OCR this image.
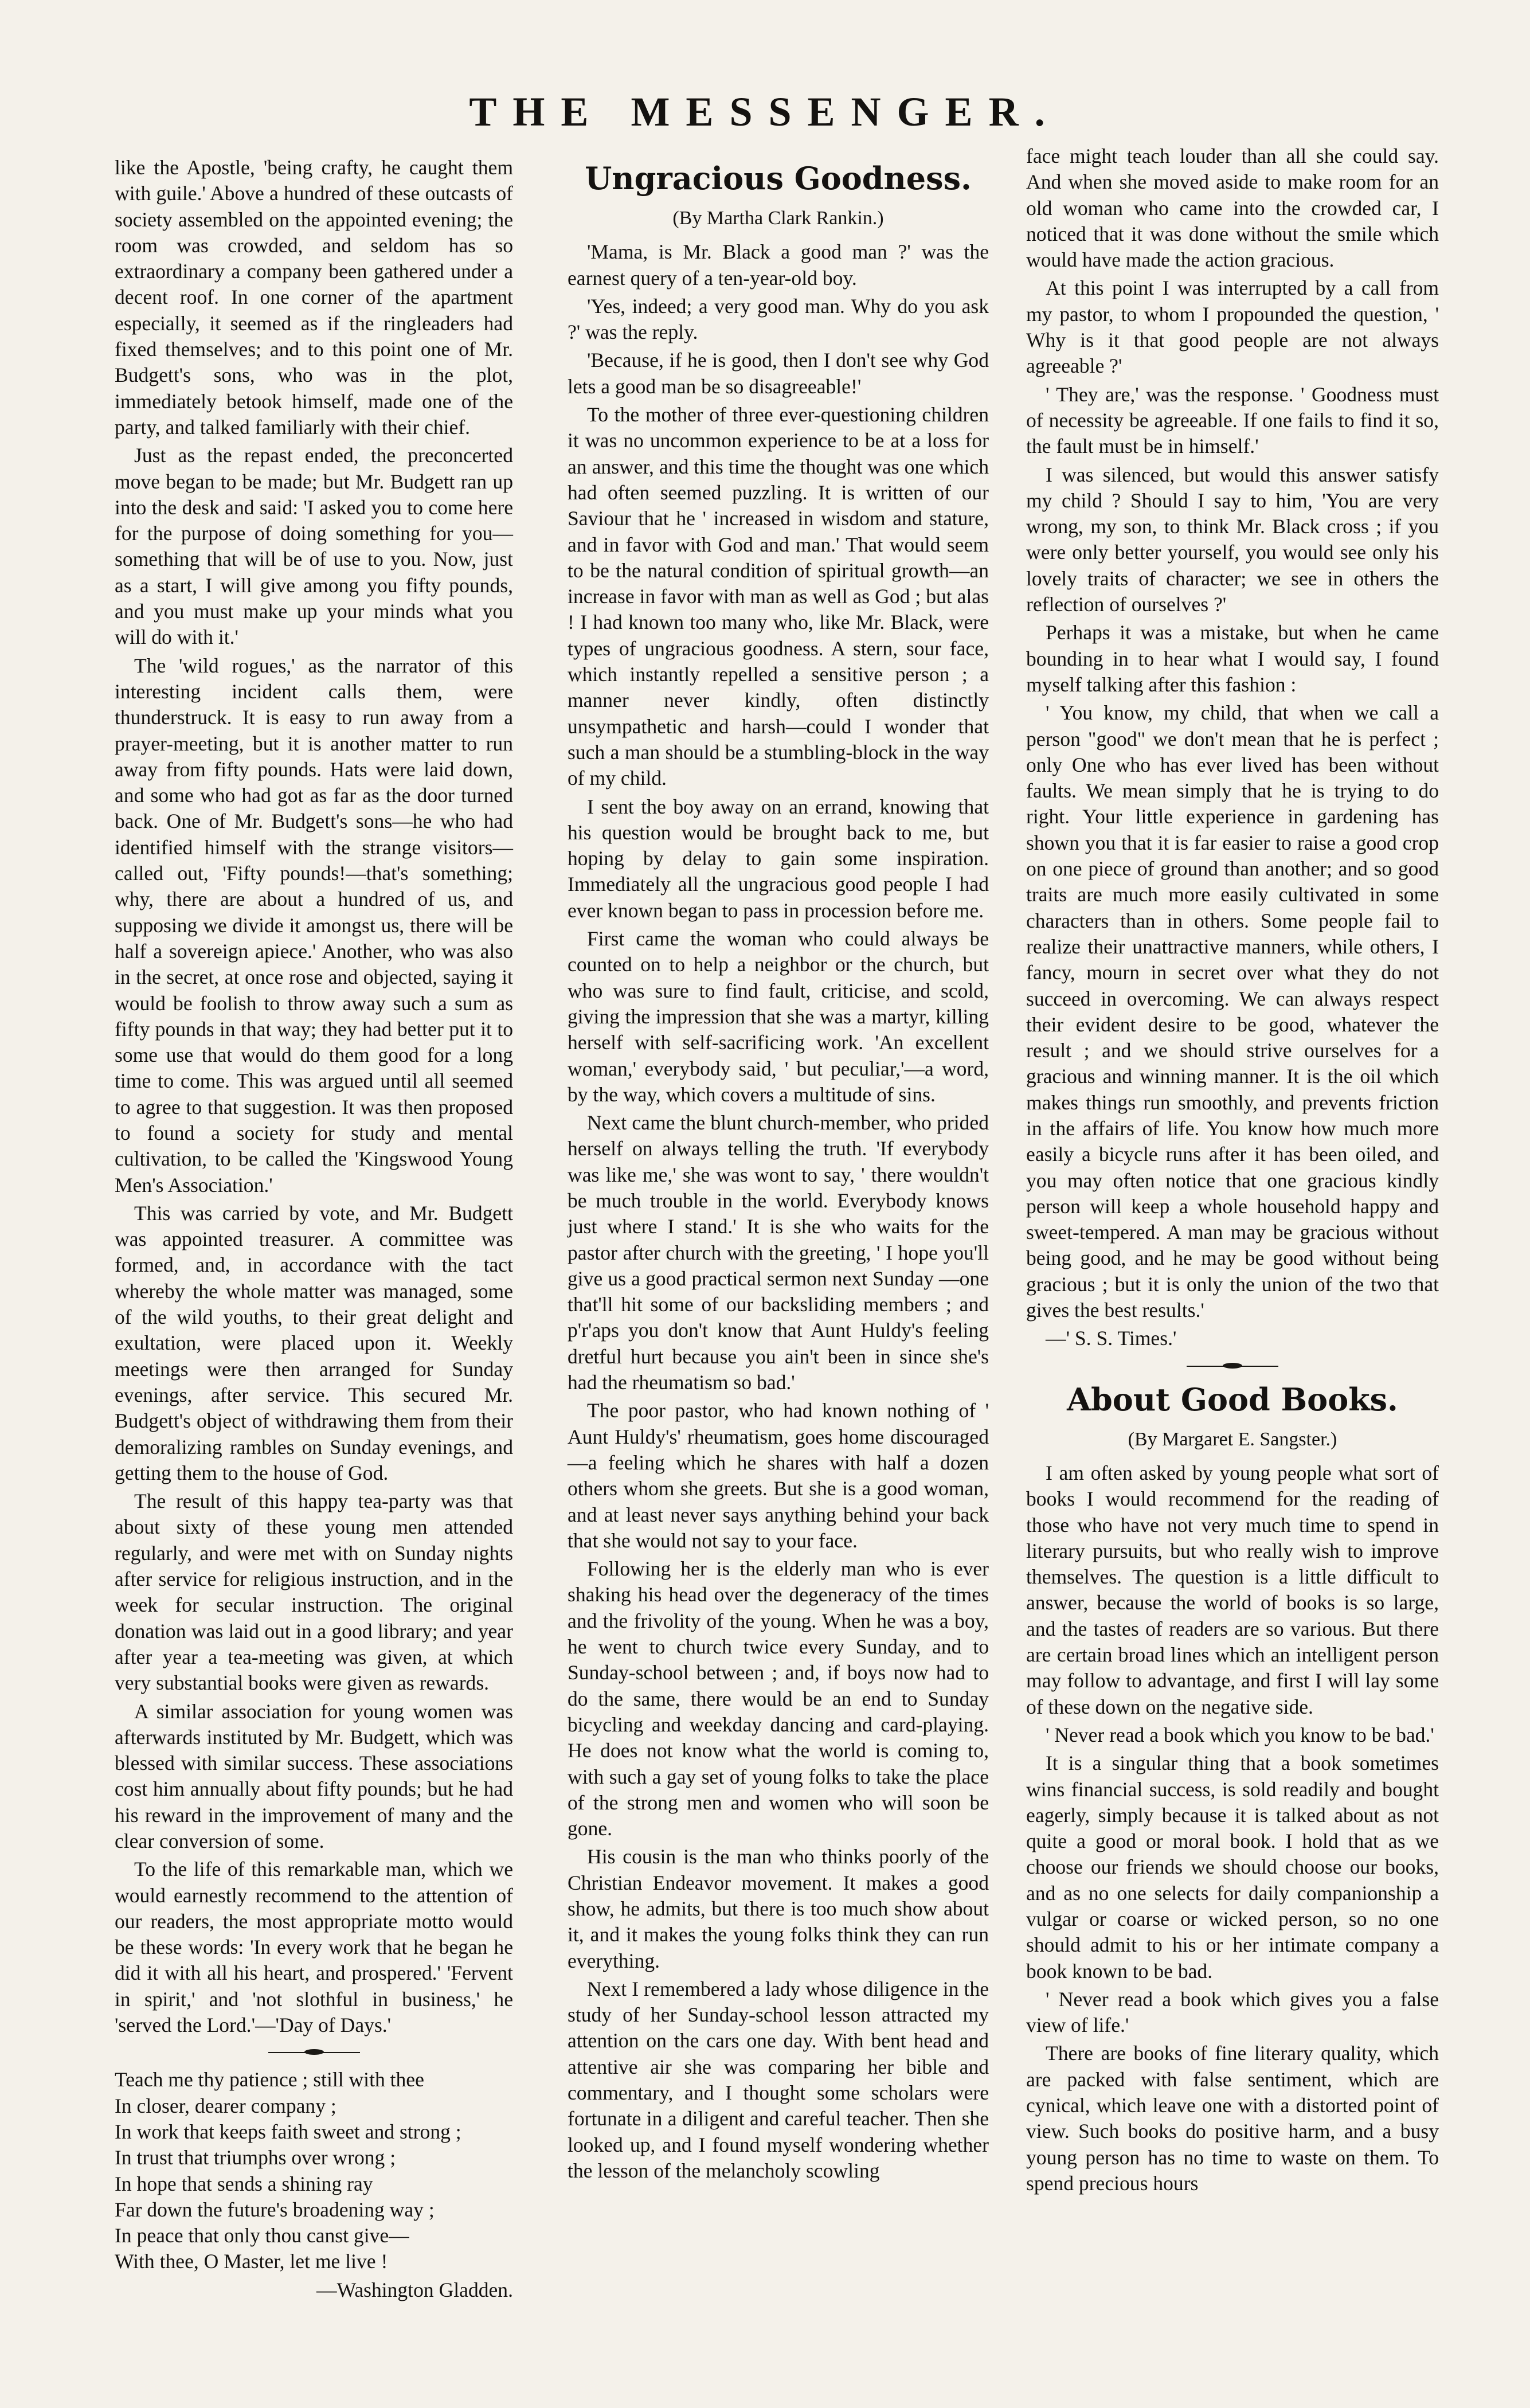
THE MESSENGER.

like the Apostle, 'being crafty, he caught them with guile.' Above a hundred of these outcasts of society assembled on the appointed evening; the room was crowded, and seldom has so extraordinary a company been gathered under a decent roof. In one corner of the apartment especially, it seemed as if the ringleaders had fixed themselves; and to this point one of Mr. Budgett's sons, who was in the plot, immediately betook himself, made one of the party, and talked familiarly with their chief.

Just as the repast ended, the preconcerted move began to be made; but Mr. Budgett ran up into the desk and said: 'I asked you to come here for the purpose of doing something for you—something that will be of use to you. Now, just as a start, I will give among you fifty pounds, and you must make up your minds what you will do with it.'

The 'wild rogues,' as the narrator of this interesting incident calls them, were thunderstruck. It is easy to run away from a prayer-meeting, but it is another matter to run away from fifty pounds. Hats were laid down, and some who had got as far as the door turned back. One of Mr. Budgett's sons—he who had identified himself with the strange visitors—called out, 'Fifty pounds!—that's something; why, there are about a hundred of us, and supposing we divide it amongst us, there will be half a sovereign apiece.' Another, who was also in the secret, at once rose and objected, saying it would be foolish to throw away such a sum as fifty pounds in that way; they had better put it to some use that would do them good for a long time to come. This was argued until all seemed to agree to that suggestion. It was then proposed to found a society for study and mental cultivation, to be called the 'Kingswood Young Men's Association.'

This was carried by vote, and Mr. Budgett was appointed treasurer. A committee was formed, and, in accordance with the tact whereby the whole matter was managed, some of the wild youths, to their great delight and exultation, were placed upon it. Weekly meetings were then arranged for Sunday evenings, after service. This secured Mr. Budgett's object of withdrawing them from their demoralizing rambles on Sunday evenings, and getting them to the house of God.

The result of this happy tea-party was that about sixty of these young men attended regularly, and were met with on Sunday nights after service for religious instruction, and in the week for secular instruction. The original donation was laid out in a good library; and year after year a tea-meeting was given, at which very substantial books were given as rewards.

A similar association for young women was afterwards instituted by Mr. Budgett, which was blessed with similar success. These associations cost him annually about fifty pounds; but he had his reward in the improvement of many and the clear conversion of some.

To the life of this remarkable man, which we would earnestly recommend to the attention of our readers, the most appropriate motto would be these words: 'In every work that he began he did it with all his heart, and prospered.' 'Fervent in spirit,' and 'not slothful in business,' he 'served the Lord.'—'Day of Days.'

Teach me thy patience ; still with thee
In closer, dearer company ;
In work that keeps faith sweet and strong ;
In trust that triumphs over wrong ;
In hope that sends a shining ray
Far down the future's broadening way ;
In peace that only thou canst give—
With thee, O Master, let me live !
—Washington Gladden.
Ungracious Goodness.
(By Martha Clark Rankin.)

'Mama, is Mr. Black a good man ?' was the earnest query of a ten-year-old boy.

'Yes, indeed; a very good man. Why do you ask ?' was the reply.

'Because, if he is good, then I don't see why God lets a good man be so disagreeable!'

To the mother of three ever-questioning children it was no uncommon experience to be at a loss for an answer, and this time the thought was one which had often seemed puzzling. It is written of our Saviour that he ' increased in wisdom and stature, and in favor with God and man.' That would seem to be the natural condition of spiritual growth—an increase in favor with man as well as God ; but alas ! I had known too many who, like Mr. Black, were types of ungracious goodness. A stern, sour face, which instantly repelled a sensitive person ; a manner never kindly, often distinctly unsympathetic and harsh—could I wonder that such a man should be a stumbling-block in the way of my child.

I sent the boy away on an errand, knowing that his question would be brought back to me, but hoping by delay to gain some inspiration. Immediately all the ungracious good people I had ever known began to pass in procession before me.

First came the woman who could always be counted on to help a neighbor or the church, but who was sure to find fault, criticise, and scold, giving the impression that she was a martyr, killing herself with self-sacrificing work. 'An excellent woman,' everybody said, ' but peculiar,'—a word, by the way, which covers a multitude of sins.

Next came the blunt church-member, who prided herself on always telling the truth. 'If everybody was like me,' she was wont to say, ' there wouldn't be much trouble in the world. Everybody knows just where I stand.' It is she who waits for the pastor after church with the greeting, ' I hope you'll give us a good practical sermon next Sunday —one that'll hit some of our backsliding members ; and p'r'aps you don't know that Aunt Huldy's feeling dretful hurt because you ain't been in since she's had the rheumatism so bad.'

The poor pastor, who had known nothing of ' Aunt Huldy's' rheumatism, goes home discouraged—a feeling which he shares with half a dozen others whom she greets. But she is a good woman, and at least never says anything behind your back that she would not say to your face.

Following her is the elderly man who is ever shaking his head over the degeneracy of the times and the frivolity of the young. When he was a boy, he went to church twice every Sunday, and to Sunday-school between ; and, if boys now had to do the same, there would be an end to Sunday bicycling and weekday dancing and card-playing. He does not know what the world is coming to, with such a gay set of young folks to take the place of the strong men and women who will soon be gone.

His cousin is the man who thinks poorly of the Christian Endeavor movement. It makes a good show, he admits, but there is too much show about it, and it makes the young folks think they can run everything.

Next I remembered a lady whose diligence in the study of her Sunday-school lesson attracted my attention on the cars one day. With bent head and attentive air she was comparing her bible and commentary, and I thought some scholars were fortunate in a diligent and careful teacher. Then she looked up, and I found myself wondering whether the lesson of the melancholy scowling

face might teach louder than all she could say. And when she moved aside to make room for an old woman who came into the crowded car, I noticed that it was done without the smile which would have made the action gracious.

At this point I was interrupted by a call from my pastor, to whom I propounded the question, ' Why is it that good people are not always agreeable ?'

' They are,' was the response. ' Goodness must of necessity be agreeable. If one fails to find it so, the fault must be in himself.'

I was silenced, but would this answer satisfy my child ? Should I say to him, 'You are very wrong, my son, to think Mr. Black cross ; if you were only better yourself, you would see only his lovely traits of character; we see in others the reflection of ourselves ?'

Perhaps it was a mistake, but when he came bounding in to hear what I would say, I found myself talking after this fashion :

' You know, my child, that when we call a person "good" we don't mean that he is perfect ; only One who has ever lived has been without faults. We mean simply that he is trying to do right. Your little experience in gardening has shown you that it is far easier to raise a good crop on one piece of ground than another; and so good traits are much more easily cultivated in some characters than in others. Some people fail to realize their unattractive manners, while others, I fancy, mourn in secret over what they do not succeed in overcoming. We can always respect their evident desire to be good, whatever the result ; and we should strive ourselves for a gracious and winning manner. It is the oil which makes things run smoothly, and prevents friction in the affairs of life. You know how much more easily a bicycle runs after it has been oiled, and you may often notice that one gracious kindly person will keep a whole household happy and sweet-tempered. A man may be gracious without being good, and he may be good without being gracious ; but it is only the union of the two that gives the best results.'

—' S. S. Times.'

About Good Books.
(By Margaret E. Sangster.)

I am often asked by young people what sort of books I would recommend for the reading of those who have not very much time to spend in literary pursuits, but who really wish to improve themselves. The question is a little difficult to answer, because the world of books is so large, and the tastes of readers are so various. But there are certain broad lines which an intelligent person may follow to advantage, and first I will lay some of these down on the negative side.

' Never read a book which you know to be bad.'

It is a singular thing that a book sometimes wins financial success, is sold readily and bought eagerly, simply because it is talked about as not quite a good or moral book. I hold that as we choose our friends we should choose our books, and as no one selects for daily companionship a vulgar or coarse or wicked person, so no one should admit to his or her intimate company a book known to be bad.

' Never read a book which gives you a false view of life.'

There are books of fine literary quality, which are packed with false sentiment, which are cynical, which leave one with a distorted point of view. Such books do positive harm, and a busy young person has no time to waste on them. To spend precious hours
